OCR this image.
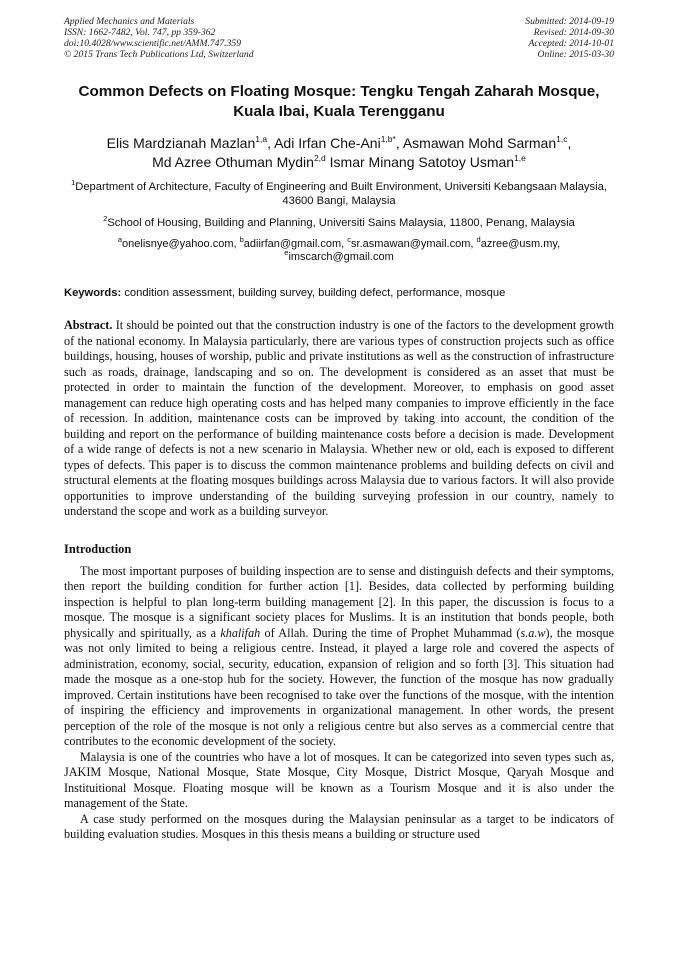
Applied Mechanics and Materials
ISSN: 1662-7482, Vol. 747, pp 359-362
doi:10.4028/www.scientific.net/AMM.747.359
© 2015 Trans Tech Publications Ltd, Switzerland
Submitted: 2014-09-19
Revised: 2014-09-30
Accepted: 2014-10-01
Online: 2015-03-30
Common Defects on Floating Mosque: Tengku Tengah Zaharah Mosque, Kuala Ibai, Kuala Terengganu
Elis Mardzianah Mazlan$^{1,a}$, Adi Irfan Che-Ani$^{1,b*}$, Asmawan Mohd Sarman$^{1,c}$,
Md Azree Othuman Mydin$^{2,d}$ Ismar Minang Satotoy Usman$^{1,e}$
$^1$Department of Architecture, Faculty of Engineering and Built Environment, Universiti Kebangsaan Malaysia, 43600 Bangi, Malaysia
$^2$School of Housing, Building and Planning, Universiti Sains Malaysia, 11800, Penang, Malaysia
$^a$onelisnye@yahoo.com, $^b$adiirfan@gmail.com, $^c$sr.asmawan@ymail.com, $^d$azree@usm.my,
$^e$imscarch@gmail.com
Keywords: condition assessment, building survey, building defect, performance, mosque
Abstract. It should be pointed out that the construction industry is one of the factors to the development growth of the national economy. In Malaysia particularly, there are various types of construction projects such as office buildings, housing, houses of worship, public and private institutions as well as the construction of infrastructure such as roads, drainage, landscaping and so on. The development is considered as an asset that must be protected in order to maintain the function of the development. Moreover, to emphasis on good asset management can reduce high operating costs and has helped many companies to improve efficiently in the face of recession. In addition, maintenance costs can be improved by taking into account, the condition of the building and report on the performance of building maintenance costs before a decision is made. Development of a wide range of defects is not a new scenario in Malaysia. Whether new or old, each is exposed to different types of defects. This paper is to discuss the common maintenance problems and building defects on civil and structural elements at the floating mosques buildings across Malaysia due to various factors. It will also provide opportunities to improve understanding of the building surveying profession in our country, namely to understand the scope and work as a building surveyor.
Introduction

The most important purposes of building inspection are to sense and distinguish defects and their symptoms, then report the building condition for further action [1]. Besides, data collected by performing building inspection is helpful to plan long-term building management [2]. In this paper, the discussion is focus to a mosque. The mosque is a significant society places for Muslims. It is an institution that bonds people, both physically and spiritually, as a khalifah of Allah. During the time of Prophet Muhammad (s.a.w), the mosque was not only limited to being a religious centre. Instead, it played a large role and covered the aspects of administration, economy, social, security, education, expansion of religion and so forth [3]. This situation had made the mosque as a one-stop hub for the society. However, the function of the mosque has now gradually improved. Certain institutions have been recognised to take over the functions of the mosque, with the intention of inspiring the efficiency and improvements in organizational management. In other words, the present perception of the role of the mosque is not only a religious centre but also serves as a commercial centre that contributes to the economic development of the society.

Malaysia is one of the countries who have a lot of mosques. It can be categorized into seven types such as, JAKIM Mosque, National Mosque, State Mosque, City Mosque, District Mosque, Qaryah Mosque and Instituitional Mosque. Floating mosque will be known as a Tourism Mosque and it is also under the management of the State.

A case study performed on the mosques during the Malaysian peninsular as a target to be indicators of building evaluation studies. Mosques in this thesis means a building or structure used
